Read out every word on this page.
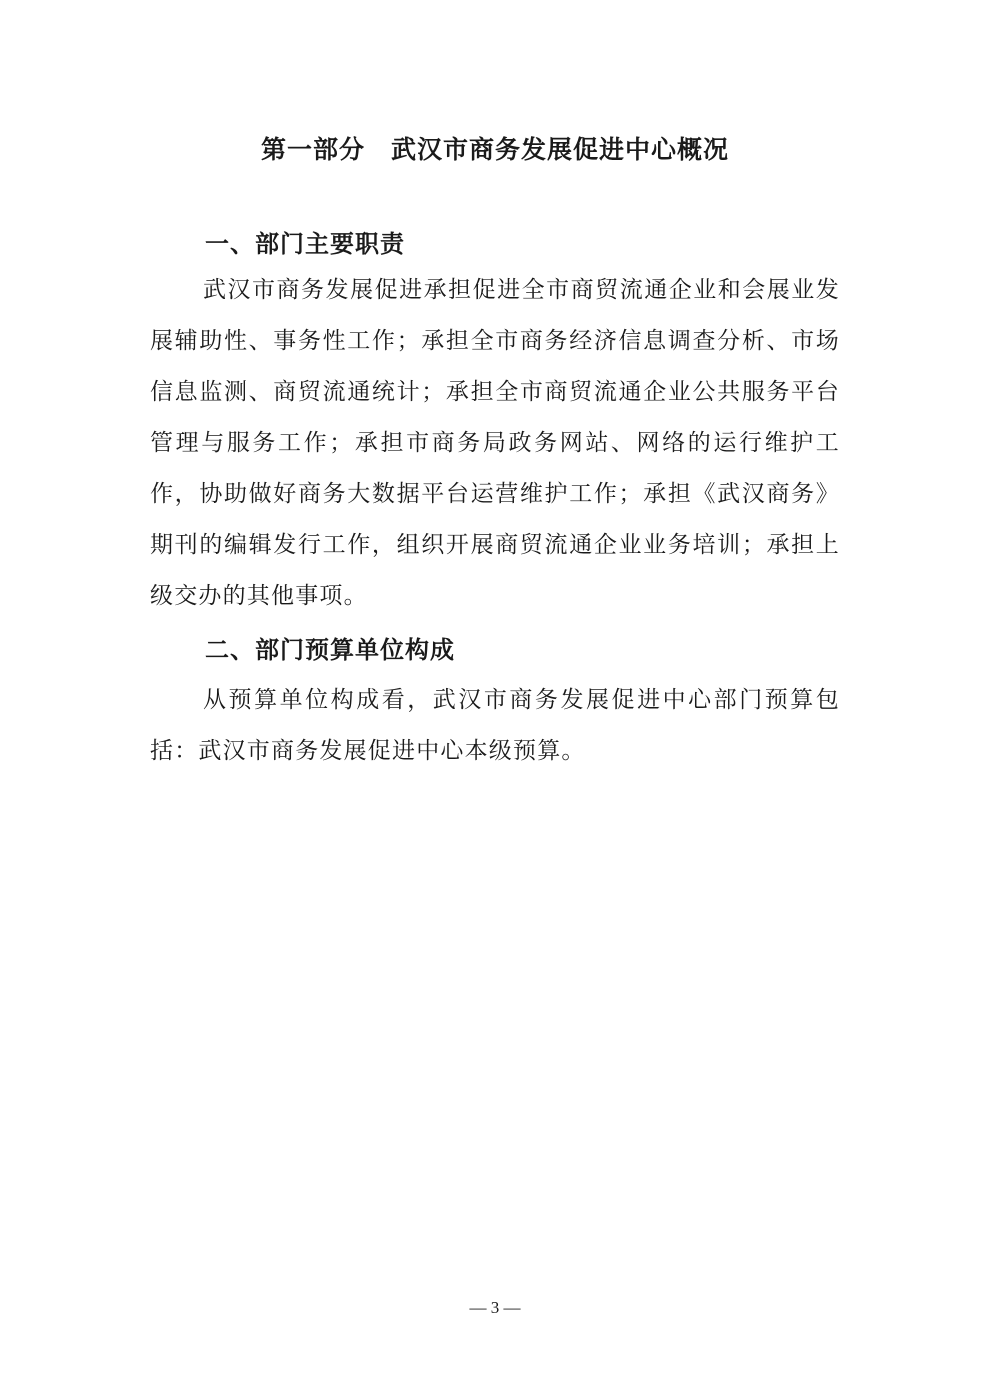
第一部分　武汉市商务发展促进中心概况
一、部门主要职责

武汉市商务发展促进承担促进全市商贸流通企业和会展业发展辅助性、事务性工作；承担全市商务经济信息调查分析、市场信息监测、商贸流通统计；承担全市商贸流通企业公共服务平台管理与服务工作；承担市商务局政务网站、网络的运行维护工作，协助做好商务大数据平台运营维护工作；承担《武汉商务》期刊的编辑发行工作，组织开展商贸流通企业业务培训；承担上级交办的其他事项。

二、部门预算单位构成

从预算单位构成看，武汉市商务发展促进中心部门预算包括：武汉市商务发展促进中心本级预算。

— 3 —
